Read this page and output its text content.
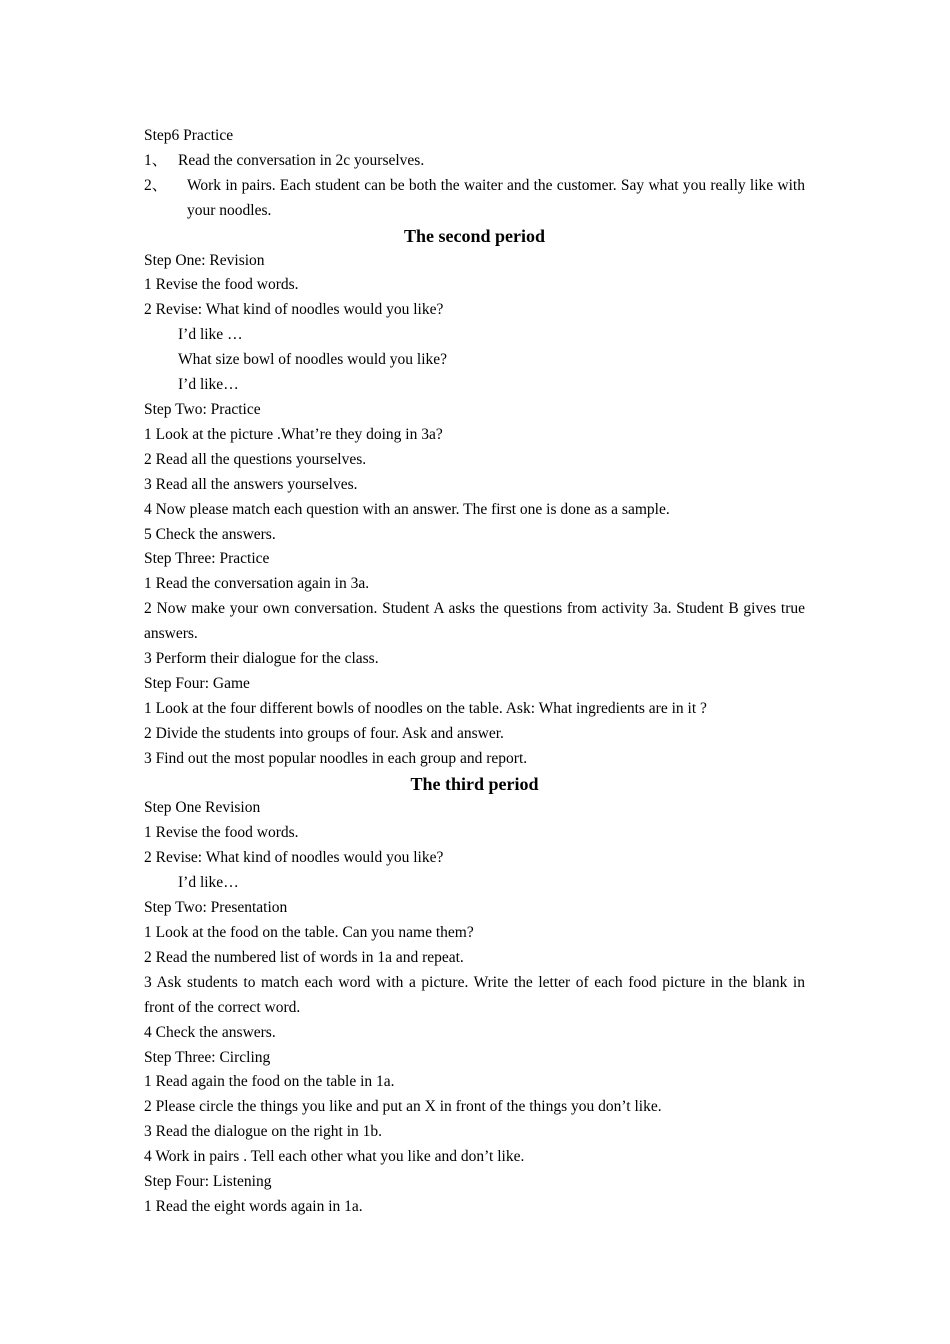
Step6 Practice

1、 Read the conversation in 2c yourselves.
2、	Work in pairs. Each student can be both the waiter and the customer. Say what you really like with your noodles.

The second period

Step One: Revision

1 Revise the food words.

2 Revise: What kind of noodles would you like?

I’d like …

What size bowl of noodles would you like?

I’d like…

Step Two: Practice

1 Look at the picture .What’re they doing in 3a?

2 Read all the questions yourselves.

3 Read all the answers yourselves.

4 Now please match each question with an answer. The first one is done as a sample.

5 Check the answers.

Step Three: Practice

1 Read the conversation again in 3a.

2 Now make your own conversation. Student A asks the questions from activity 3a. Student B gives true answers.

3 Perform their dialogue for the class.

Step Four: Game

1 Look at the four different bowls of noodles on the table. Ask: What ingredients are in it ?

2 Divide the students into groups of four. Ask and answer.

3 Find out the most popular noodles in each group and report.

The third period

Step One Revision

1 Revise the food words.

2 Revise: What kind of noodles would you like?

I’d like…

Step Two: Presentation

1 Look at the food on the table. Can you name them?

2 Read the numbered list of words in 1a and repeat.

3 Ask students to match each word with a picture. Write the letter of each food picture in the blank in front of the correct word.

4 Check the answers.

Step Three: Circling

1 Read again the food on the table in 1a.

2 Please circle the things you like and put an X in front of the things you don’t like.

3 Read the dialogue on the right in 1b.

4 Work in pairs . Tell each other what you like and don’t like.

Step Four: Listening

1 Read the eight words again in 1a.
